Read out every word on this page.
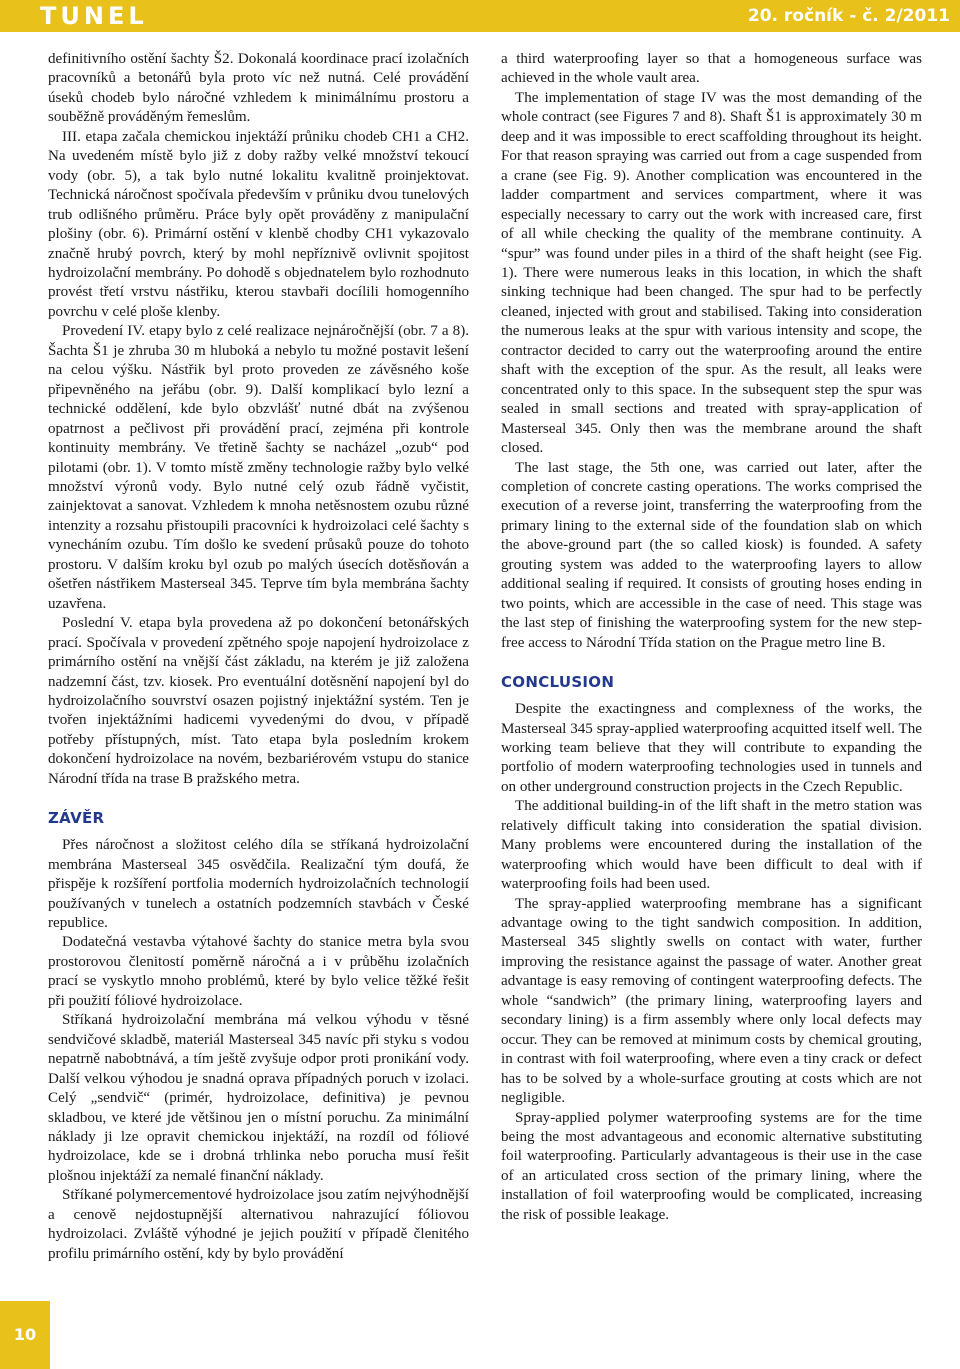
TUNEL	20. ročník - č. 2/2011

definitivního ostění šachty Š2. Dokonalá koordinace prací izolačních pracovníků a betonářů byla proto víc než nutná. Celé provádění úseků chodeb bylo náročné vzhledem k minimálnímu prostoru a souběžně prováděným řemeslům.

III. etapa začala chemickou injektáží průniku chodeb CH1 a CH2. Na uvedeném místě bylo již z doby ražby velké množství tekoucí vody (obr. 5), a tak bylo nutné lokalitu kvalitně proinjektovat. Technická náročnost spočívala především v průniku dvou tunelových trub odlišného průměru. Práce byly opět prováděny z manipulační plošiny (obr. 6). Primární ostění v klenbě chodby CH1 vykazovalo značně hrubý povrch, který by mohl nepříznivě ovlivnit spojitost hydroizolační membrány. Po dohodě s objednatelem bylo rozhodnuto provést třetí vrstvu nástřiku, kterou stavbaři docílili homogenního povrchu v celé ploše klenby.

Provedení IV. etapy bylo z celé realizace nejnáročnější (obr. 7 a 8). Šachta Š1 je zhruba 30 m hluboká a nebylo tu možné postavit lešení na celou výšku. Nástřik byl proto proveden ze závěsného koše připevněného na jeřábu (obr. 9). Další komplikací bylo lezní a technické oddělení, kde bylo obzvlášť nutné dbát na zvýšenou opatrnost a pečlivost při provádění prací, zejména při kontrole kontinuity membrány. Ve třetině šachty se nacházel „ozub“ pod pilotami (obr. 1). V tomto místě změny technologie ražby bylo velké množství výronů vody. Bylo nutné celý ozub řádně vyčistit, zainjektovat a sanovat. Vzhledem k mnoha netěsnostem ozubu různé intenzity a rozsahu přistoupili pracovníci k hydroizolaci celé šachty s vynecháním ozubu. Tím došlo ke svedení průsaků pouze do tohoto prostoru. V dalším kroku byl ozub po malých úsecích dotěsňován a ošetřen nástřikem Masterseal 345. Teprve tím byla membrána šachty uzavřena.

Poslední V. etapa byla provedena až po dokončení betonářských prací. Spočívala v provedení zpětného spoje napojení hydroizolace z primárního ostění na vnější část základu, na kterém je již založena nadzemní část, tzv. kiosek. Pro eventuální dotěsnění napojení byl do hydroizolačního souvrství osazen pojistný injektážní systém. Ten je tvořen injektážními hadicemi vyvedenými do dvou, v případě potřeby přístupných, míst. Tato etapa byla posledním krokem dokončení hydroizolace na novém, bezbariérovém vstupu do stanice Národní třída na trase B pražského metra.

ZÁVĚR

Přes náročnost a složitost celého díla se stříkaná hydroizolační membrána Masterseal 345 osvědčila. Realizační tým doufá, že přispěje k rozšíření portfolia moderních hydroizolačních technologií používaných v tunelech a ostatních podzemních stavbách v České republice.

Dodatečná vestavba výtahové šachty do stanice metra byla svou prostorovou členitostí poměrně náročná a i v průběhu izolačních prací se vyskytlo mnoho problémů, které by bylo velice těžké řešit při použití fóliové hydroizolace.

Stříkaná hydroizolační membrána má velkou výhodu v těsné sendvičové skladbě, materiál Masterseal 345 navíc při styku s vodou nepatrně nabobtnává, a tím ještě zvyšuje odpor proti pronikání vody. Další velkou výhodou je snadná oprava případných poruch v izolaci. Celý „sendvič“ (primér, hydroizolace, definitiva) je pevnou skladbou, ve které jde většinou jen o místní poruchu. Za minimální náklady ji lze opravit chemickou injektáží, na rozdíl od fóliové hydroizolace, kde se i drobná trhlinka nebo porucha musí řešit plošnou injektáží za nemalé finanční náklady.

Stříkané polymercementové hydroizolace jsou zatím nejvýhodnější a cenově nejdostupnější alternativou nahrazující fóliovou hydroizolaci. Zvláště výhodné je jejich použití v případě členitého profilu primárního ostění, kdy by bylo provádění

a third waterproofing layer so that a homogeneous surface was achieved in the whole vault area.

The implementation of stage IV was the most demanding of the whole contract (see Figures 7 and 8). Shaft Š1 is approximately 30 m deep and it was impossible to erect scaffolding throughout its height. For that reason spraying was carried out from a cage suspended from a crane (see Fig. 9). Another complication was encountered in the ladder compartment and services compartment, where it was especially necessary to carry out the work with increased care, first of all while checking the quality of the membrane continuity. A “spur” was found under piles in a third of the shaft height (see Fig. 1). There were numerous leaks in this location, in which the shaft sinking technique had been changed. The spur had to be perfectly cleaned, injected with grout and stabilised. Taking into consideration the numerous leaks at the spur with various intensity and scope, the contractor decided to carry out the waterproofing around the entire shaft with the exception of the spur. As the result, all leaks were concentrated only to this space. In the subsequent step the spur was sealed in small sections and treated with spray-application of Masterseal 345. Only then was the membrane around the shaft closed.

The last stage, the 5th one, was carried out later, after the completion of concrete casting operations. The works comprised the execution of a reverse joint, transferring the waterproofing from the primary lining to the external side of the foundation slab on which the above-ground part (the so called kiosk) is founded. A safety grouting system was added to the waterproofing layers to allow additional sealing if required. It consists of grouting hoses ending in two points, which are accessible in the case of need. This stage was the last step of finishing the waterproofing system for the new step-free access to Národní Třída station on the Prague metro line B.

CONCLUSION

Despite the exactingness and complexness of the works, the Masterseal 345 spray-applied waterproofing acquitted itself well. The working team believe that they will contribute to expanding the portfolio of modern waterproofing technologies used in tunnels and on other underground construction projects in the Czech Republic.

The additional building-in of the lift shaft in the metro station was relatively difficult taking into consideration the spatial division. Many problems were encountered during the installation of the waterproofing which would have been difficult to deal with if waterproofing foils had been used.

The spray-applied waterproofing membrane has a significant advantage owing to the tight sandwich composition. In addition, Masterseal 345 slightly swells on contact with water, further improving the resistance against the passage of water. Another great advantage is easy removing of contingent waterproofing defects. The whole “sandwich” (the primary lining, waterproofing layers and secondary lining) is a firm assembly where only local defects may occur. They can be removed at minimum costs by chemical grouting, in contrast with foil waterproofing, where even a tiny crack or defect has to be solved by a whole-surface grouting at costs which are not negligible.

Spray-applied polymer waterproofing systems are for the time being the most advantageous and economic alternative substituting foil waterproofing. Particularly advantageous is their use in the case of an articulated cross section of the primary lining, where the installation of foil waterproofing would be complicated, increasing the risk of possible leakage.

10
